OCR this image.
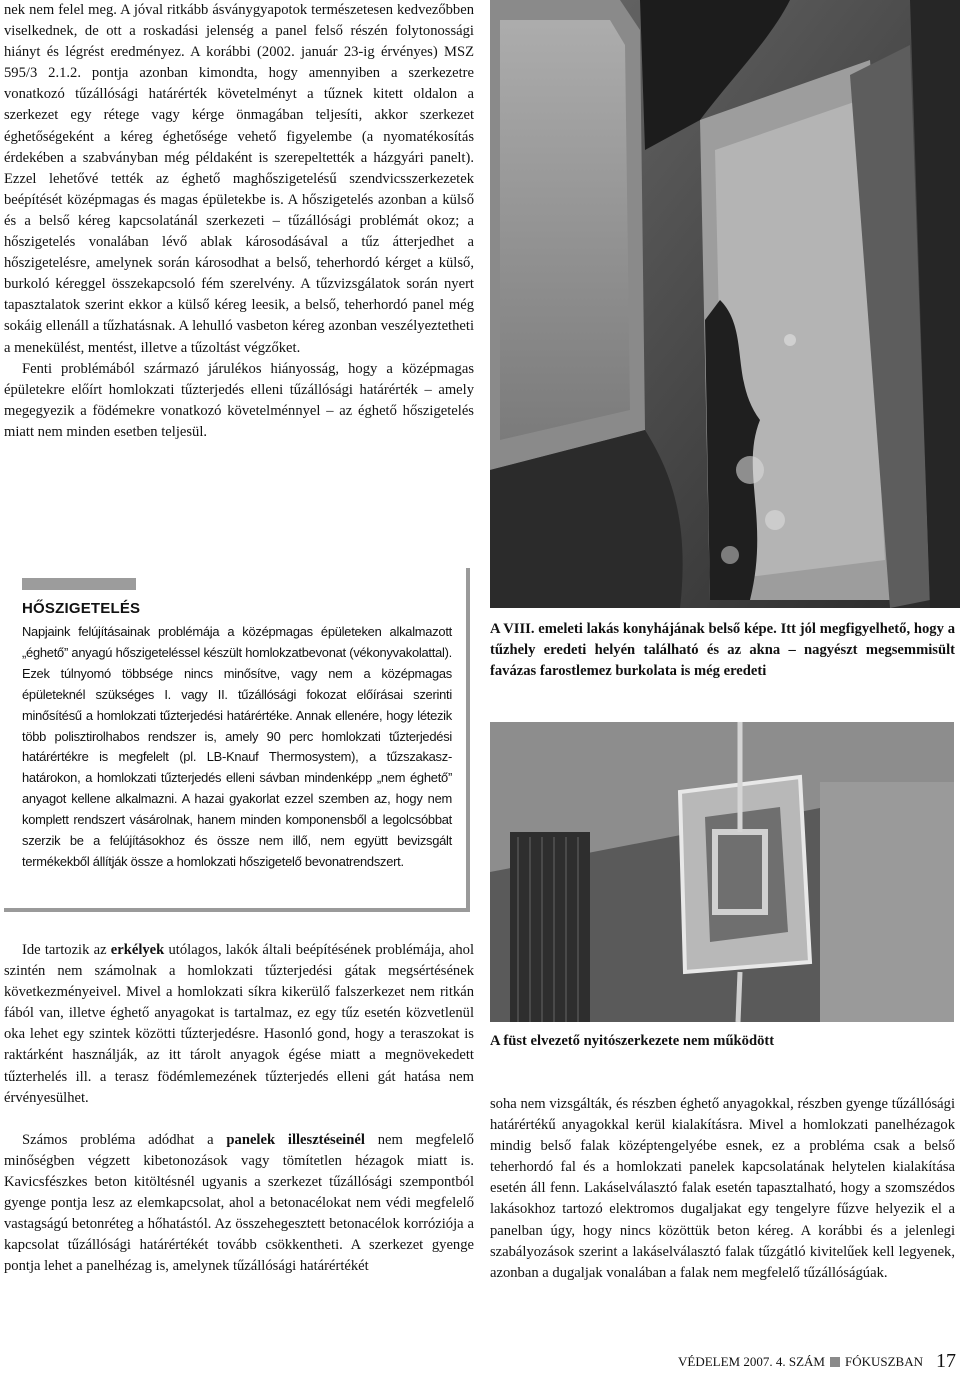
nek nem felel meg. A jóval ritkább ásványgyapotok természetesen kedvezőbben viselkednek, de ott a roskadási jelenség a panel felső részén folytonossági hiányt és légrést eredményez. A korábbi (2002. január 23-ig érvényes) MSZ 595/3 2.1.2. pontja azonban kimondta, hogy amennyiben a szerkezetre vonatkozó tűzállósági határérték követelményt a tűznek kitett oldalon a szerkezet egy rétege vagy kérge önmagában teljesíti, akkor szerkezet éghetőségeként a kéreg éghetősége vehető figyelembe (a nyomatékosítás érdekében a szabványban még példaként is szerepeltették a házgyári panelt). Ezzel lehetővé tették az éghető maghőszigetelésű szendvicsszerkezetek beépítését középmagas és magas épületekbe is. A hőszigetelés azonban a külső és a belső kéreg kapcsolatánál szerkezeti – tűzállósági problémát okoz; a hőszigetelés vonalában lévő ablak károsodásával a tűz átterjedhet a hőszigetelésre, amelynek során károsodhat a belső, teherhordó kérget a külső, burkoló kéreggel összekapcsoló fém szerelvény. A tűzvizsgálatok során nyert tapasztalatok szerint ekkor a külső kéreg leesik, a belső, teherhordó panel még sokáig ellenáll a tűzhatásnak. A lehulló vasbeton kéreg azonban veszélyeztetheti a menekülést, mentést, illetve a tűzoltást végzőket.

Fenti problémából származó járulékos hiányosság, hogy a középmagas épületekre előírt homlokzati tűzterjedés elleni tűzállósági határérték – amely megegyezik a födémekre vonatkozó követelménnyel – az éghető hőszigetelés miatt nem minden esetben teljesül.

HŐSZIGETELÉS

Napjaink felújításainak problémája a középmagas épületeken alkalmazott „éghető” anyagú hőszigeteléssel készült homlokzatbevonat (vékonyvakolattal). Ezek túlnyomó többsége nincs minősítve, vagy nem a középmagas épületeknél szükséges I. vagy II. tűzállósági fokozat előírásai szerinti minősítésű a homlokzati tűzterjedési határértéke. Annak ellenére, hogy létezik több polisztirolhabos rendszer is, amely 90 perc homlokzati tűzterjedési határértékre is megfelelt (pl. LB-Knauf Thermosystem), a tűzszakasz-határokon, a homlokzati tűzterjedés elleni sávban mindenképp „nem éghető” anyagot kellene alkalmazni. A hazai gyakorlat ezzel szemben az, hogy nem komplett rendszert vásárolnak, hanem minden komponensből a legolcsóbbat szerzik be a felújításokhoz és össze nem illő, nem együtt bevizsgált termékekből állítják össze a homlokzati hőszigetelő bevonatrendszert.

Ide tartozik az erkélyek utólagos, lakók általi beépítésének problémája, ahol szintén nem számolnak a homlokzati tűzterjedési gátak megsértésének következményeivel. Mivel a homlokzati síkra kikerülő falszerkezet nem ritkán fából van, illetve éghető anyagokat is tartalmaz, ez egy tűz esetén közvetlenül oka lehet egy szintek közötti tűzterjedésre. Hasonló gond, hogy a teraszokat is raktárként használják, az itt tárolt anyagok égése miatt a megnövekedett tűzterhelés ill. a terasz födémlemezének tűzterjedés elleni gát hatása nem érvényesülhet.

Számos probléma adódhat a panelek illesztéseinél nem megfelelő minőségben végzett kibetonozások vagy tömítetlen hézagok miatt is. Kavicsfészkes beton kitöltésnél ugyanis a szerkezet tűzállósági szempontból gyenge pontja lesz az elemkapcsolat, ahol a betonacélokat nem védi megfelelő vastagságú betonréteg a hőhatástól. Az összehegesztett betonacélok korróziója a kapcsolat tűzállósági határértékét tovább csökkentheti. A szerkezet gyenge pontja lehet a panelhézag is, amelynek tűzállósági határértékét

A VIII. emeleti lakás konyhájának belső képe. Itt jól megfigyelhető, hogy a tűzhely eredeti helyén található és az akna – nagyészt megsemmisült favázas farostlemez burkolata is még eredeti

A füst elvezető nyitószerkezete nem működött

soha nem vizsgálták, és részben éghető anyagokkal, részben gyenge tűzállósági határértékű anyagokkal kerül kialakításra. Mivel a homlokzati panelhézagok mindig belső falak középtengelyébe esnek, ez a probléma csak a belső teherhordó fal és a homlokzati panelek kapcsolatának helytelen kialakítása esetén áll fenn. Lakáselválasztó falak esetén tapasztalható, hogy a szomszédos lakásokhoz tartozó elektromos dugaljakat egy tengelyre fűzve helyezik el a panelban úgy, hogy nincs közöttük beton kéreg. A korábbi és a jelenlegi szabályozások szerint a lakáselválasztó falak tűzgátló kivitelűek kell legyenek, azonban a dugaljak vonalában a falak nem megfelelő tűzállóságúak.

VÉDELEM 2007. 4. SZÁM FÓKUSZBAN 17
